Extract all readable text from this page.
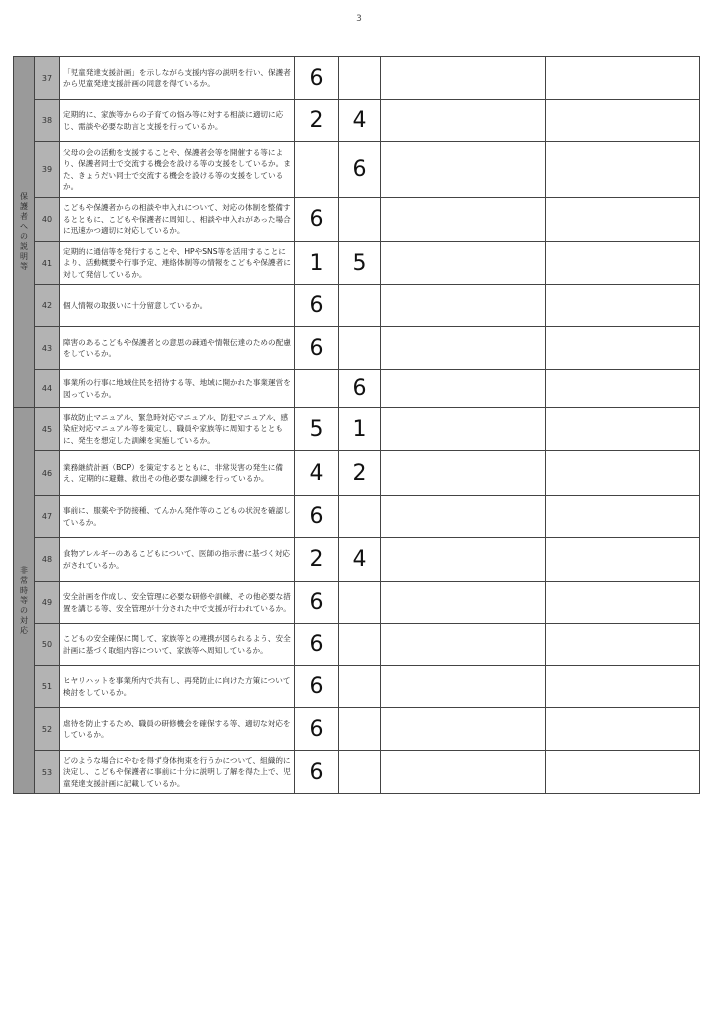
3
保護者への説明等	37	「児童発達支援計画」を示しながら支援内容の説明を行い、保護者から児童発達支援計画の同意を得ているか。	6			
	38	定期的に、家族等からの子育ての悩み等に対する相談に適切に応じ、需談や必要な助言と支援を行っているか。	2	4		
	39	父母の会の活動を支援することや、保護者会等を開催する等により、保護者同士で交流する機会を設ける等の支援をしているか。また、きょうだい同士で交流する機会を設ける等の支援をしているか。		6		
	40	こどもや保護者からの相談や申入れについて、対応の体制を整備するとともに、こどもや保護者に周知し、相談や申入れがあった場合に迅速かつ適切に対応しているか。	6			
	41	定期的に通信等を発行することや、HPやSNS等を活用することにより、活動概要や行事予定、連絡体制等の情報をこどもや保護者に対して発信しているか。	1	5		
	42	個人情報の取扱いに十分留意しているか。	6			
	43	障害のあるこどもや保護者との意思の疎通や情報伝達のための配慮をしているか。	6			
	44	事業所の行事に地域住民を招待する等、地域に開かれた事業運営を図っているか。		6		

非常時等の対応	45	事故防止マニュアル、緊急時対応マニュアル、防犯マニュアル、感染症対応マニュアル等を策定し、職員や家族等に周知するとともに、発生を想定した訓練を実施しているか。	5	1		
	46	業務継続計画（BCP）を策定するとともに、非常災害の発生に備え、定期的に避難、救出その他必要な訓練を行っているか。	4	2		
	47	事前に、服薬や予防接種、てんかん発作等のこどもの状況を確認しているか。	6			
	48	食物アレルギーのあるこどもについて、医師の指示書に基づく対応がされているか。	2	4		
	49	安全計画を作成し、安全管理に必要な研修や訓練、その他必要な措置を講じる等、安全管理が十分された中で支援が行われているか。	6			
	50	こどもの安全確保に関して、家族等との連携が図られるよう、安全計画に基づく取組内容について、家族等へ周知しているか。	6			
	51	ヒヤリハットを事業所内で共有し、再発防止に向けた方策について検討をしているか。	6			
	52	虐待を防止するため、職員の研修機会を確保する等、適切な対応をしているか。	6			
	53	どのような場合にやむを得ず身体拘束を行うかについて、組織的に決定し、こどもや保護者に事前に十分に説明し了解を得た上で、児童発達支援計画に記載しているか。	6			
